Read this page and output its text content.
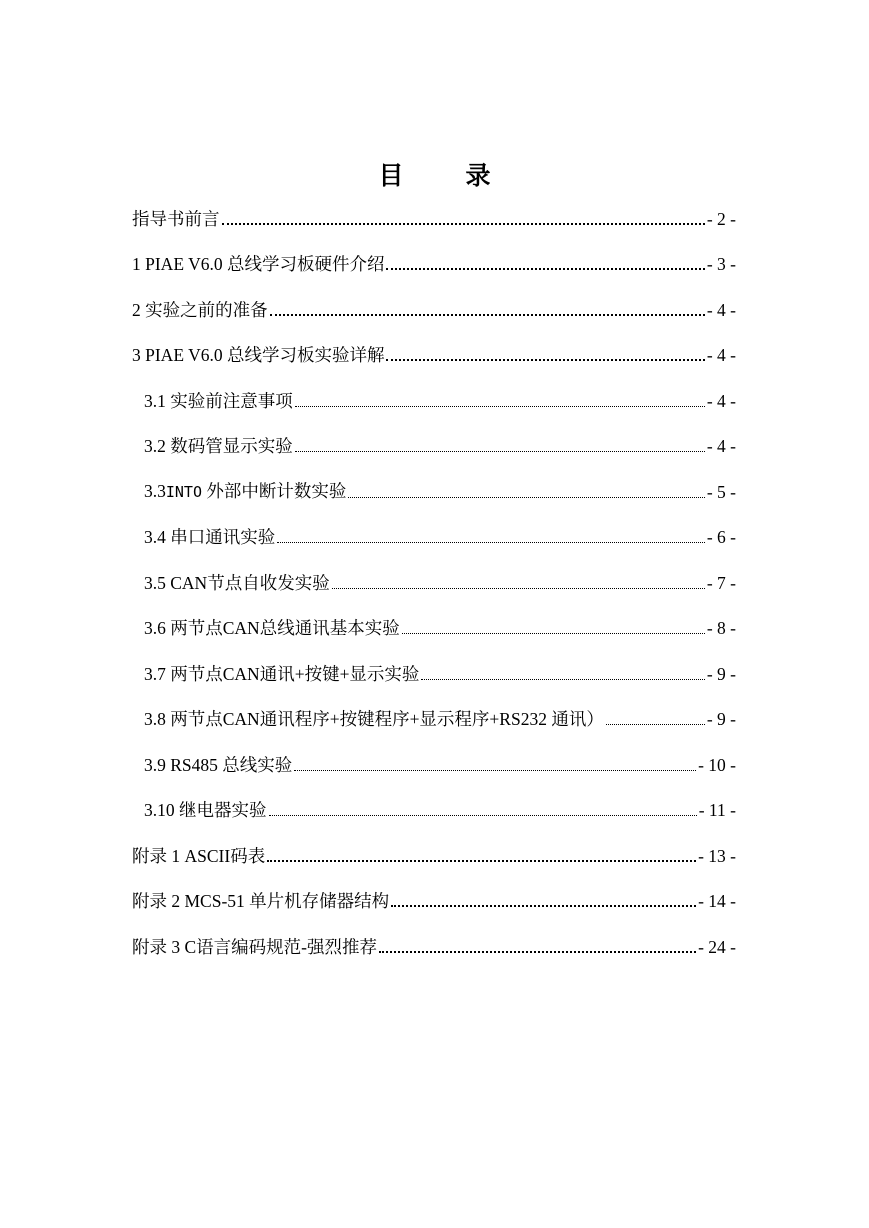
目 录
指导书前言	- 2 -
1 PIAE V6.0 总线学习板硬件介绍	- 3 -
2 实验之前的准备	- 4 -
3 PIAE V6.0 总线学习板实验详解	- 4 -
3.1 实验前注意事项	- 4 -
3.2 数码管显示实验	- 4 -
3.3INTO 外部中断计数实验	- 5 -
3.4 串口通讯实验	- 6 -
3.5 CAN节点自收发实验	- 7 -
3.6 两节点CAN总线通讯基本实验	- 8 -
3.7 两节点CAN通讯+按键+显示实验	- 9 -
3.8 两节点CAN通讯程序+按键程序+显示程序+RS232 通讯）	- 9 -
3.9 RS485 总线实验	- 10 -
3.10 继电器实验	- 11 -
附录 1 ASCII码表	- 13 -
附录 2 MCS-51 单片机存储器结构	- 14 -
附录 3 C语言编码规范-强烈推荐	- 24 -
